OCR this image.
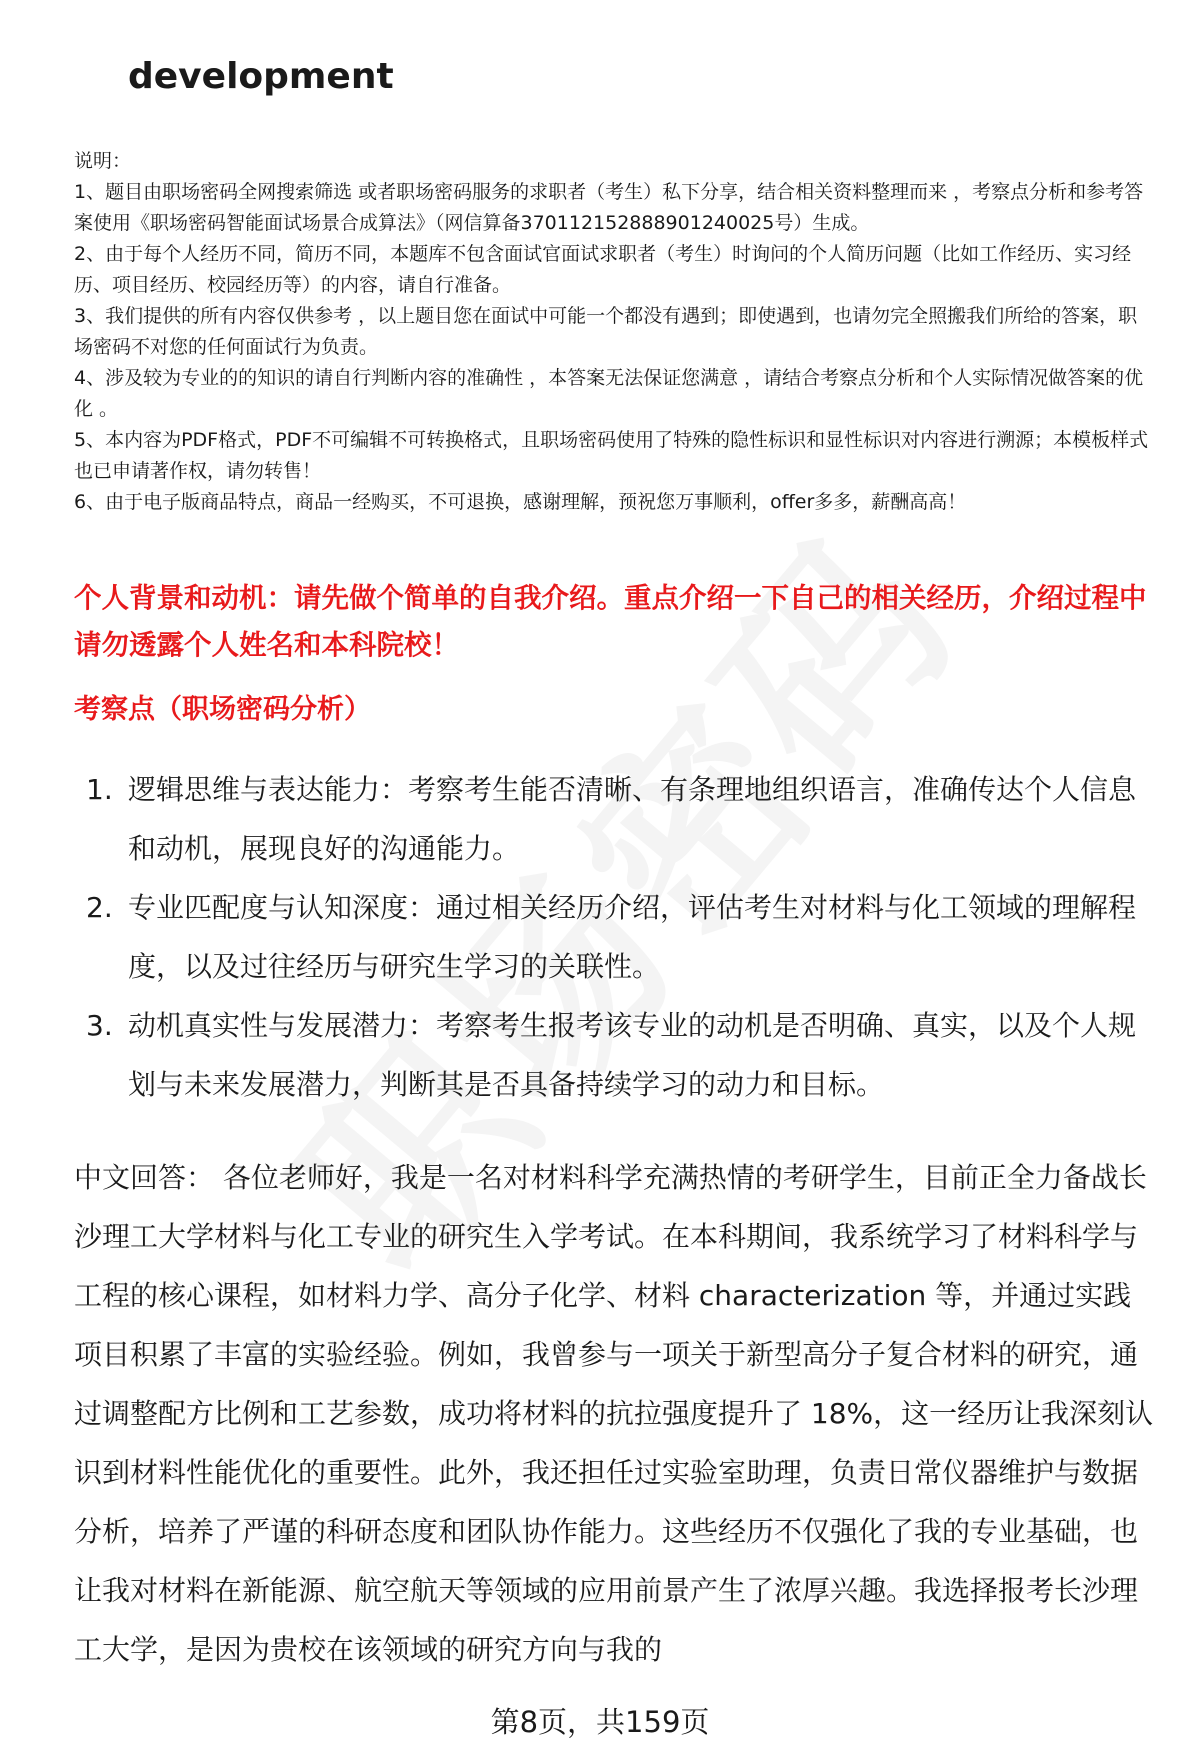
development

说明：

1、题目由职场密码全网搜索筛选 或者职场密码服务的求职者（考生）私下分享，结合相关资料整理而来 ，考察点分析和参考答案使用《职场密码智能面试场景合成算法》（网信算备370112152888901240025号）生成。

2、由于每个人经历不同，简历不同，本题库不包含面试官面试求职者（考生）时询问的个人简历问题（比如工作经历、实习经历、项目经历、校园经历等）的内容，请自行准备。

3、我们提供的所有内容仅供参考 ，以上题目您在面试中可能一个都没有遇到；即使遇到，也请勿完全照搬我们所给的答案，职场密码不对您的任何面试行为负责。

4、涉及较为专业的的知识的请自行判断内容的准确性 ，本答案无法保证您满意 ，请结合考察点分析和个人实际情况做答案的优化 。

5、本内容为PDF格式，PDF不可编辑不可转换格式，且职场密码使用了特殊的隐性标识和显性标识对内容进行溯源；本模板样式也已申请著作权，请勿转售！

6、由于电子版商品特点，商品一经购买，不可退换，感谢理解，预祝您万事顺利，offer多多，薪酬高高！

个人背景和动机：请先做个简单的自我介绍。重点介绍一下自己的相关经历，介绍过程中请勿透露个人姓名和本科院校！
考察点（职场密码分析）
1. 逻辑思维与表达能力：考察考生能否清晰、有条理地组织语言，准确传达个人信息和动机，展现良好的沟通能力。
2. 专业匹配度与认知深度：通过相关经历介绍，评估考生对材料与化工领域的理解程度，以及过往经历与研究生学习的关联性。
3. 动机真实性与发展潜力：考察考生报考该专业的动机是否明确、真实，以及个人规划与未来发展潜力，判断其是否具备持续学习的动力和目标。

中文回答： 各位老师好，我是一名对材料科学充满热情的考研学生，目前正全力备战长沙理工大学材料与化工专业的研究生入学考试。在本科期间，我系统学习了材料科学与工程的核心课程，如材料力学、高分子化学、材料 characterization 等，并通过实践项目积累了丰富的实验经验。例如，我曾参与一项关于新型高分子复合材料的研究，通过调整配方比例和工艺参数，成功将材料的抗拉强度提升了 18%，这一经历让我深刻认识到材料性能优化的重要性。此外，我还担任过实验室助理，负责日常仪器维护与数据分析，培养了严谨的科研态度和团队协作能力。这些经历不仅强化了我的专业基础，也让我对材料在新能源、航空航天等领域的应用前景产生了浓厚兴趣。我选择报考长沙理工大学，是因为贵校在该领域的研究方向与我的

第8页，共159页
